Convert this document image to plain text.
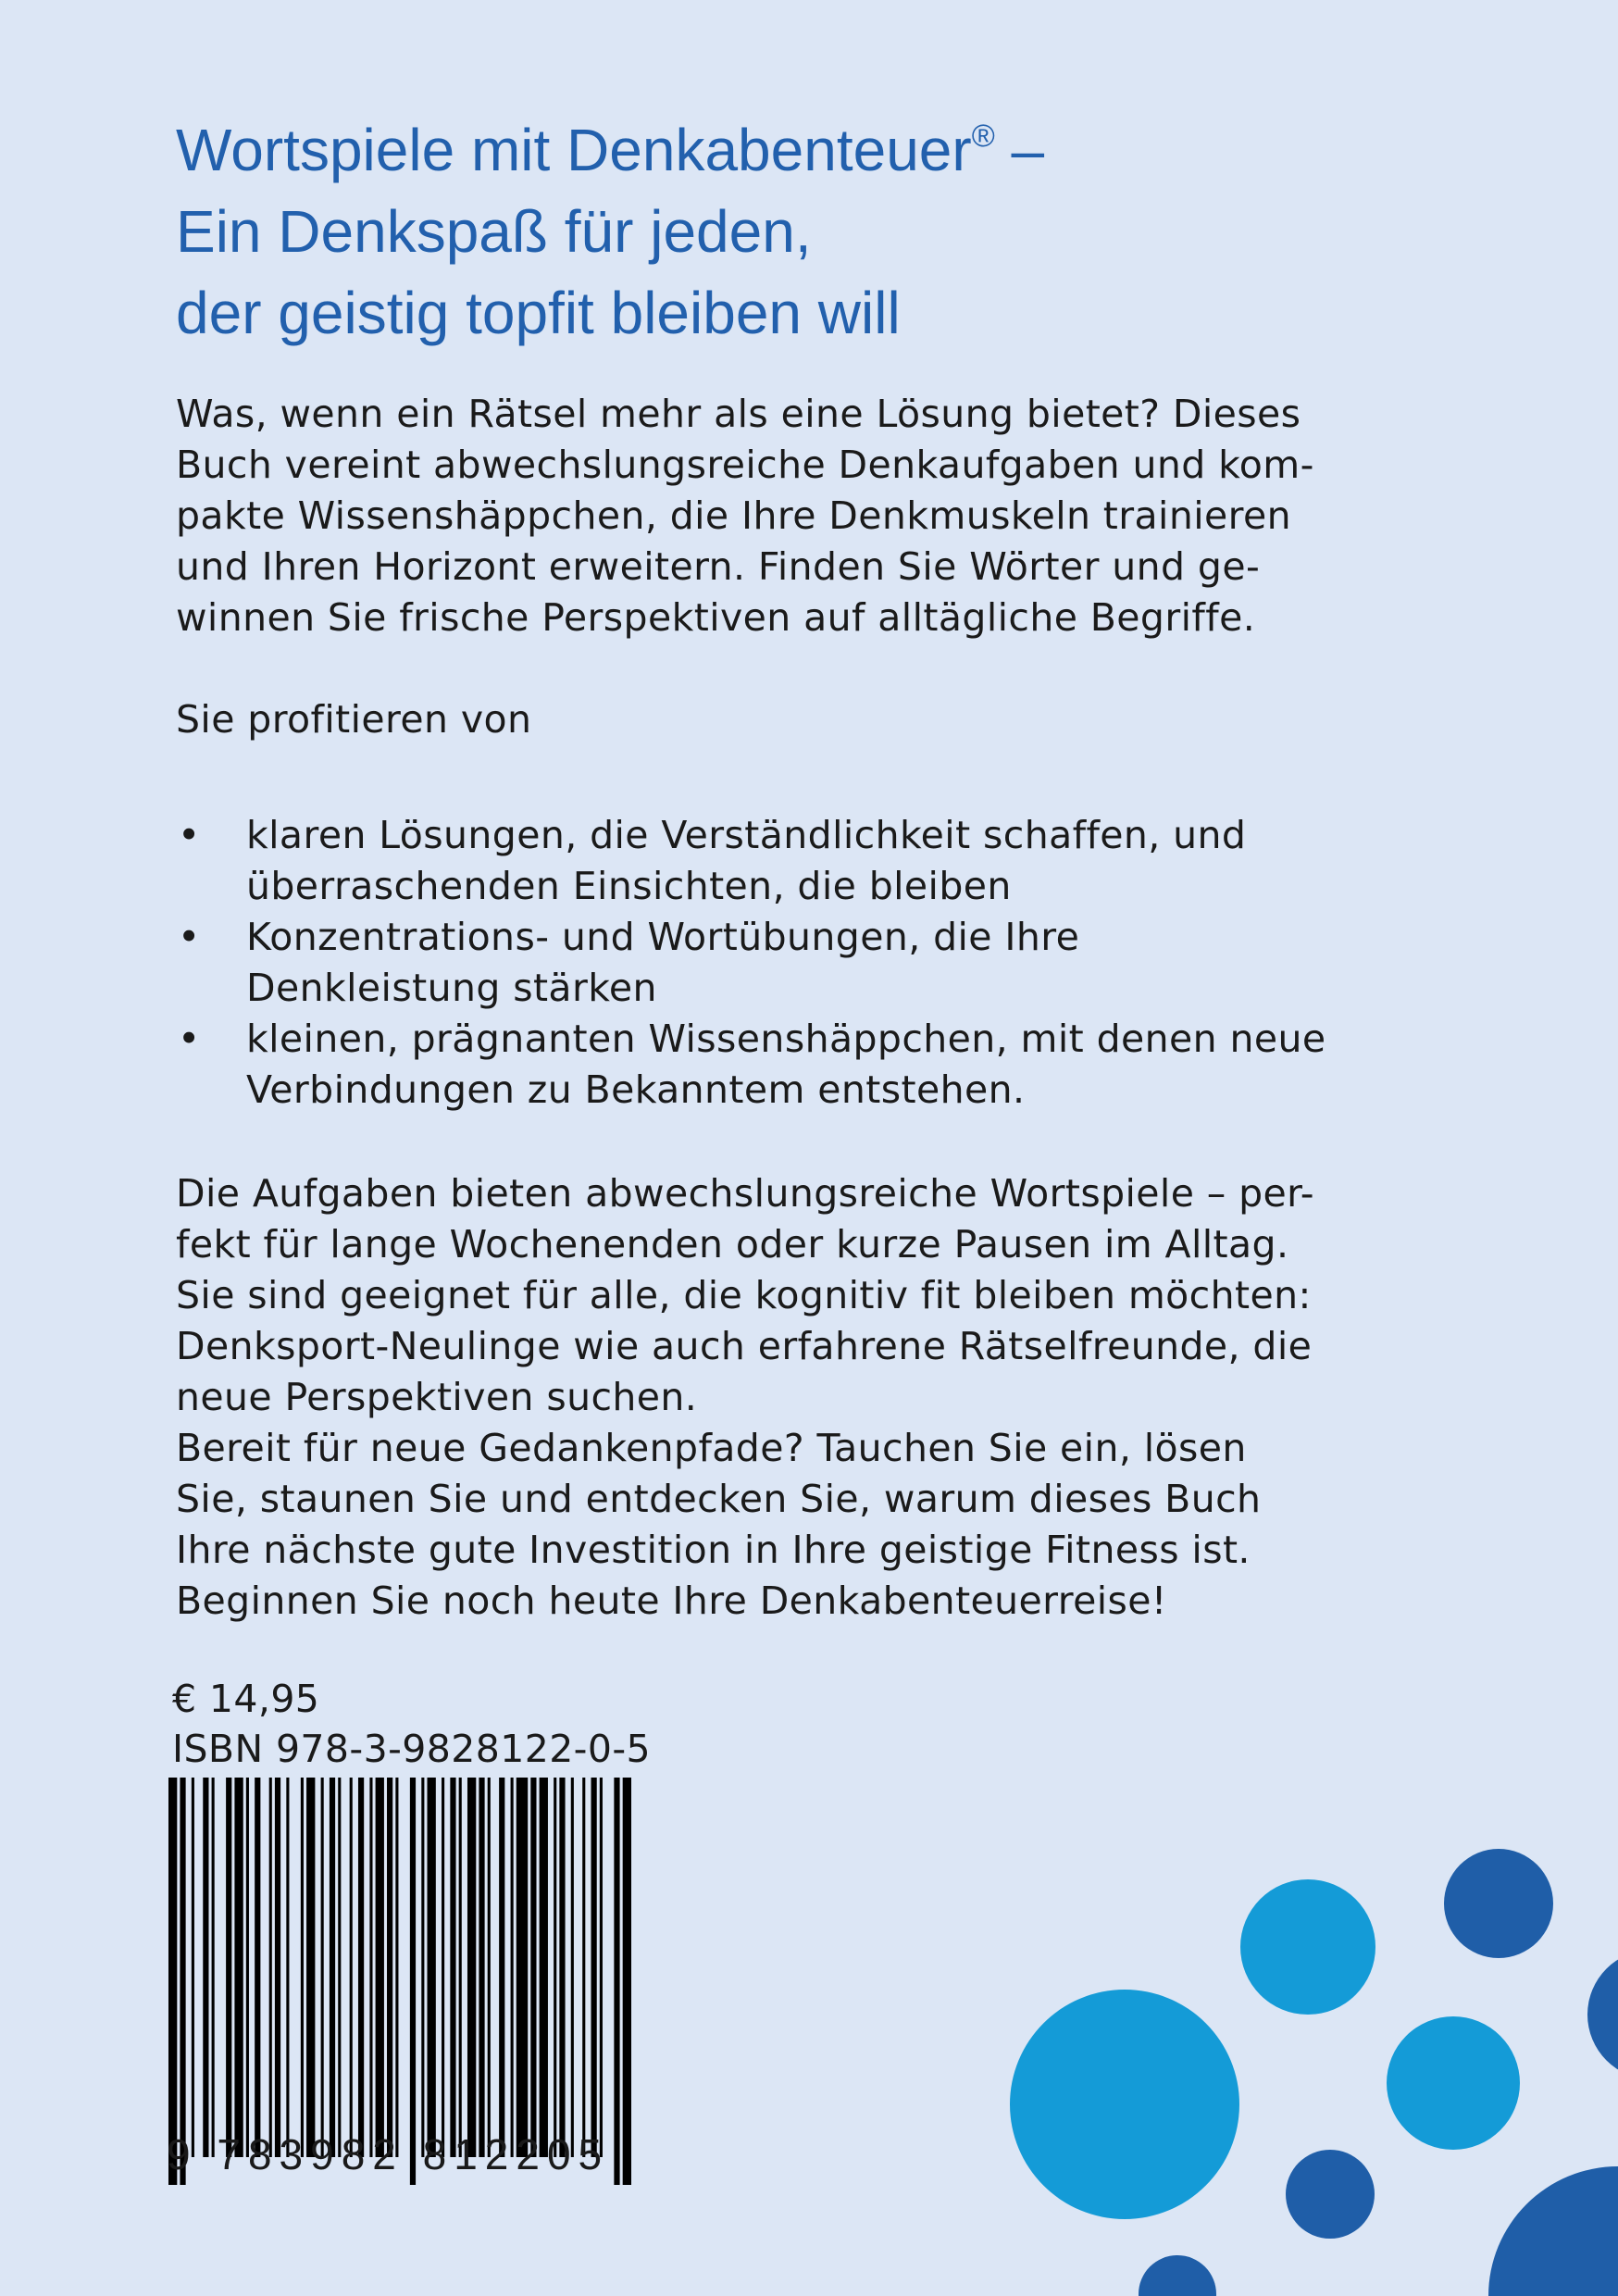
Wortspiele mit Denkabenteuer® –
Ein Denkspaß für jeden,
der geistig topfit bleiben will
Was, wenn ein Rätsel mehr als eine Lösung bietet? Dieses
Buch vereint abwechslungsreiche Denkaufgaben und kom-
pakte Wissenshäppchen, die Ihre Denkmuskeln trainieren
und Ihren Horizont erweitern. Finden Sie Wörter und ge-
winnen Sie frische Perspektiven auf alltägliche Begriffe.
Sie profitieren von
• klaren Lösungen, die Verständlichkeit schaffen, und
überraschenden Einsichten, die bleiben
• Konzentrations- und Wortübungen, die Ihre
Denkleistung stärken
• kleinen, prägnanten Wissenshäppchen, mit denen neue
Verbindungen zu Bekanntem entstehen.
Die Aufgaben bieten abwechslungsreiche Wortspiele – per-
fekt für lange Wochenenden oder kurze Pausen im Alltag.
Sie sind geeignet für alle, die kognitiv fit bleiben möchten:
Denksport-Neulinge wie auch erfahrene Rätselfreunde, die
neue Perspektiven suchen.
Bereit für neue Gedankenpfade? Tauchen Sie ein, lösen
Sie, staunen Sie und entdecken Sie, warum dieses Buch
Ihre nächste gute Investition in Ihre geistige Fitness ist.
Beginnen Sie noch heute Ihre Denkabenteuerreise!
€ 14,95
ISBN 978-3-9828122-0-5
9 783982 812205
